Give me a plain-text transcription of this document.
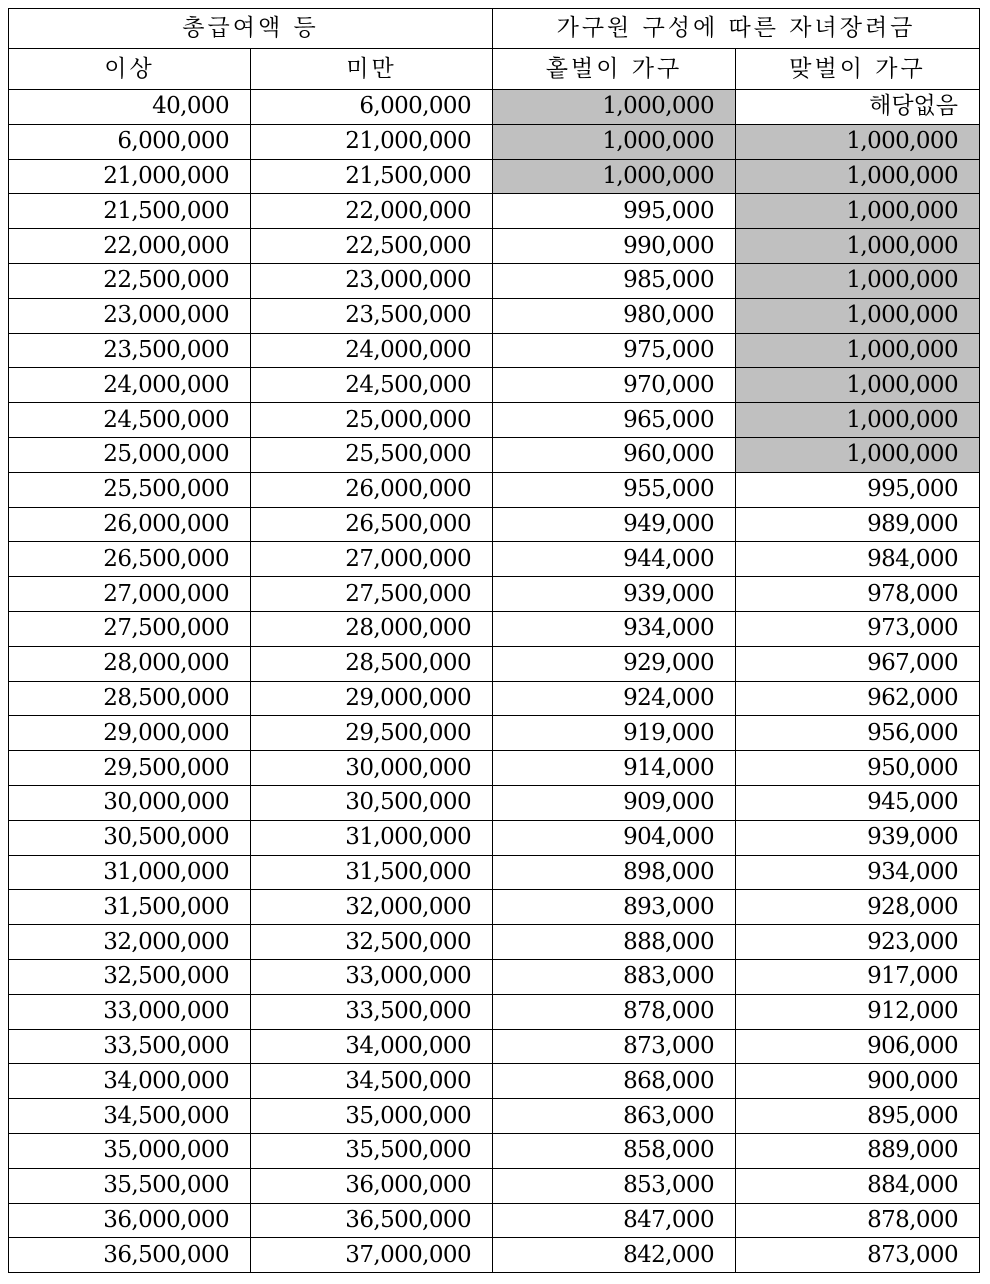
총급여액 등		가구원 구성에 따른 자녀장려금	
이상	미만	홑벌이 가구	맞벌이 가구
40,000	6,000,000	1,000,000	해당없음
6,000,000	21,000,000	1,000,000	1,000,000
21,000,000	21,500,000	1,000,000	1,000,000
21,500,000	22,000,000	995,000	1,000,000
22,000,000	22,500,000	990,000	1,000,000
22,500,000	23,000,000	985,000	1,000,000
23,000,000	23,500,000	980,000	1,000,000
23,500,000	24,000,000	975,000	1,000,000
24,000,000	24,500,000	970,000	1,000,000
24,500,000	25,000,000	965,000	1,000,000
25,000,000	25,500,000	960,000	1,000,000
25,500,000	26,000,000	955,000	995,000
26,000,000	26,500,000	949,000	989,000
26,500,000	27,000,000	944,000	984,000
27,000,000	27,500,000	939,000	978,000
27,500,000	28,000,000	934,000	973,000
28,000,000	28,500,000	929,000	967,000
28,500,000	29,000,000	924,000	962,000
29,000,000	29,500,000	919,000	956,000
29,500,000	30,000,000	914,000	950,000
30,000,000	30,500,000	909,000	945,000
30,500,000	31,000,000	904,000	939,000
31,000,000	31,500,000	898,000	934,000
31,500,000	32,000,000	893,000	928,000
32,000,000	32,500,000	888,000	923,000
32,500,000	33,000,000	883,000	917,000
33,000,000	33,500,000	878,000	912,000
33,500,000	34,000,000	873,000	906,000
34,000,000	34,500,000	868,000	900,000
34,500,000	35,000,000	863,000	895,000
35,000,000	35,500,000	858,000	889,000
35,500,000	36,000,000	853,000	884,000
36,000,000	36,500,000	847,000	878,000
36,500,000	37,000,000	842,000	873,000
